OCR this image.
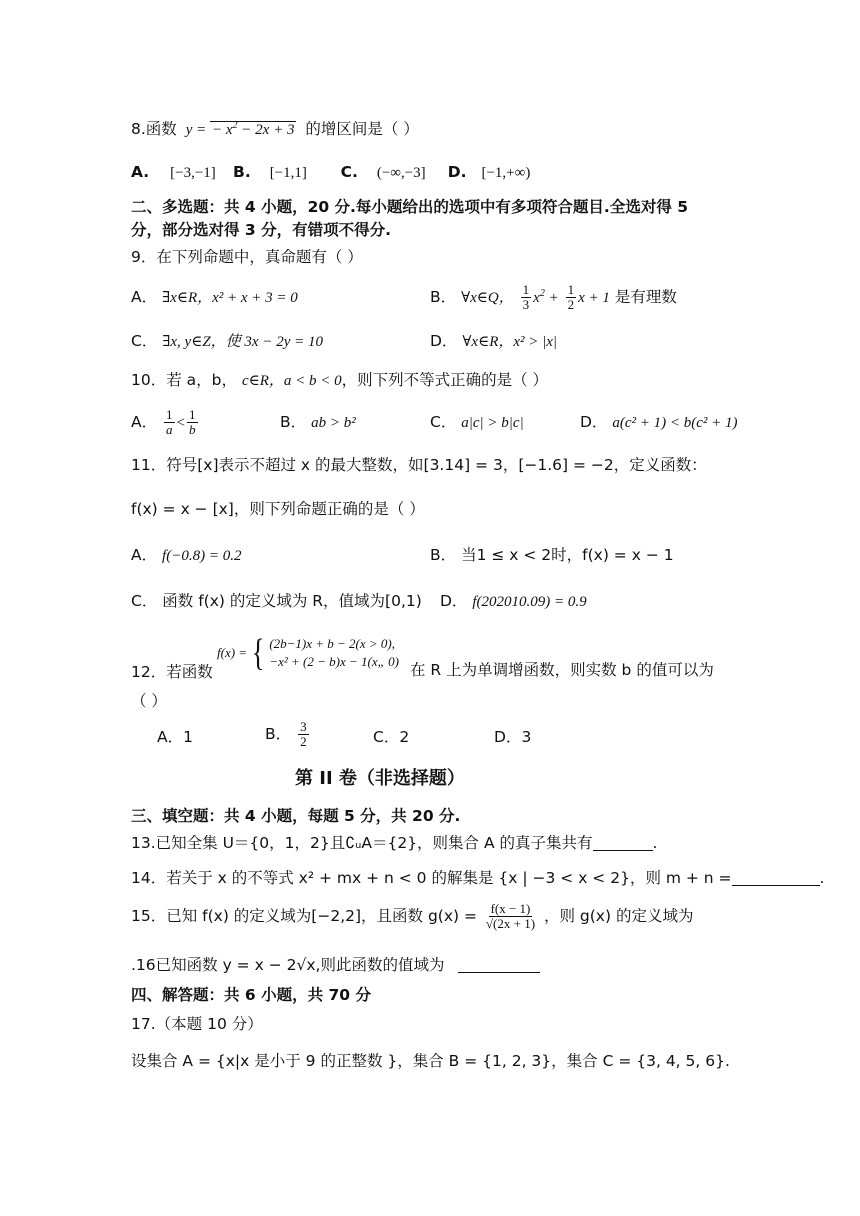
8.函数 y = − $x^2 - 2x + 3$ 的增区间是（ ）
A. [−3,−1] B. [−1,1] C. (−∞,−3] D. [−1,+∞)
二、多选题：共 4 小题，20 分.每小题给出的选项中有多项符合题目.全选对得 5
分，部分选对得 3 分，有错项不得分.
9．在下列命题中，真命题有（ ）
A． ∃x∈R，x² + x + 3 = 0	B． ∀x∈Q， $\frac{1}{3} x^2 + \frac{1}{2}$ x + 1 是有理数
C． ∃x, y∈Z，使 3x − 2y = 10	D． ∀x∈R，x² > |x|
10．若 a，b， c∈R，a < b < 0，则下列不等式正确的是（ ）
A． $\frac{1}{a} < \frac{1}{b}$	B． ab > b²	C． a|c| > b|c|	D． a(c² + 1) < b(c² + 1)
11．符号[x]表示不超过 x 的最大整数，如[3.14] = 3，[−1.6] = −2，定义函数：
f(x) = x − [x]，则下列命题正确的是（ ）
A． f(−0.8) = 0.2	B． 当1 ≤ x < 2时，f(x) = x − 1
C． 函数 f(x) 的定义域为 R，值域为[0,1) D． f(202010.09) = 0.9
12．若函数
f(x) = { (2b−1)x + b − 2(x > 0),
−x² + (2 − b)x − 1(x„ 0) 在 R 上为单调增函数，则实数 b 的值可以为
（ ）
A．1	B． $\frac{3}{2}$	C．2	D．3
第 II 卷（非选择题）
三、填空题：共 4 小题，每题 5 分，共 20 分.
13.已知全集 U＝{0，1，2}且∁ᵤA＝{2}，则集合 A 的真子集共有	.
14．若关于 x 的不等式 x² + mx + n < 0 的解集是 {x | −3 < x < 2}，则 m + n =	.
15．已知 f(x) 的定义域为[−2,2]，且函数 $g(x) = \frac{f(x - 1)}{√(2x + 1)}$ ，则 g(x) 的定义域为
.16已知函数 y = x − 2√x,则此函数的值域为
四、解答题：共 6 小题，共 70 分
17.（本题 10 分）
设集合 A = {x|x 是小于 9 的正整数 }，集合 B = {1, 2, 3}，集合 C = {3, 4, 5, 6}.
